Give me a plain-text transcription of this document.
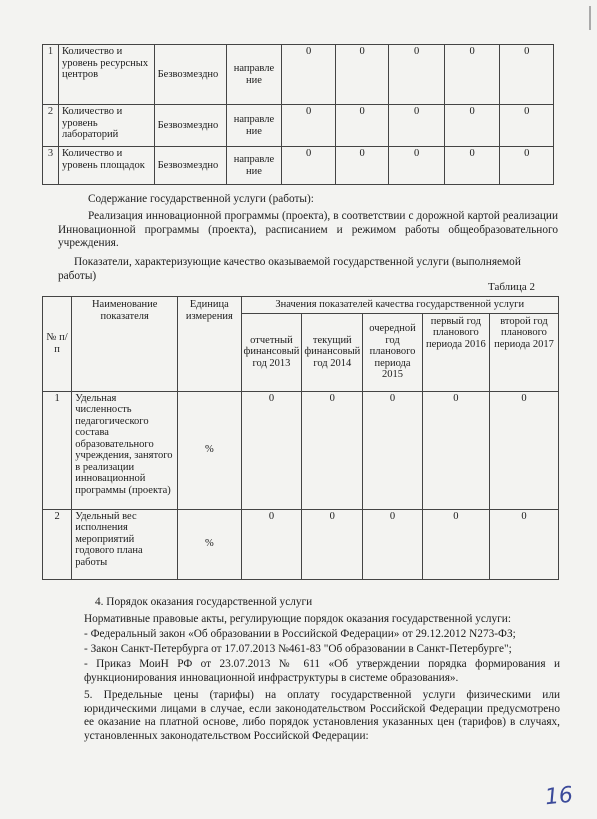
1	Количество и уровень ресурсных центров	Безвозмездно	направле ние	0	0	0	0	0
2	Количество и уровень лабораторий	Безвозмездно	направле ние	0	0	0	0	0
3	Количество и уровень площадок	Безвозмездно	направле ние	0	0	0	0	0
Содержание государственной услуги (работы):
Реализация инновационной программы (проекта), в соответствии с дорожной картой реализации Инновационной программы (проекта), расписанием и режимом работы общеобразовательного учреждения.
Показатели, характеризующие качество оказываемой государственной услуги (выполняемой работы)
Таблица 2
№ п/п	Наименование показателя	Единица измерения	Значения показателей качества государственной услуги				
			отчетный финансовый год 2013	текущий финансовый год 2014	очередной год планового периода 2015	первый год планового периода 2016	второй год планового периода 2017
1	Удельная численность педагогического состава образовательного учреждения, занятого в реализации инновационной программы (проекта)	%	0	0	0	0	0
2	Удельный вес исполнения мероприятий годового плана работы	%	0	0	0	0	0
4. Порядок оказания государственной услуги
Нормативные правовые акты, регулирующие порядок оказания государственной услуги:
- Федеральный закон «Об образовании в Российской Федерации» от 29.12.2012 N273-ФЗ;
- Закон Санкт-Петербурга от 17.07.2013 №461-83 "Об образовании в Санкт-Петербурге";
- Приказ МоиН РФ от 23.07.2013 № 611 «Об утверждении порядка формирования и функционирования инновационной инфраструктуры в системе образования».
5. Предельные цены (тарифы) на оплату государственной услуги физическими или юридическими лицами в случае, если законодательством Российской Федерации предусмотрено ее оказание на платной основе, либо порядок установления указанных цен (тарифов) в случаях, установленных законодательством Российской Федерации:
16
